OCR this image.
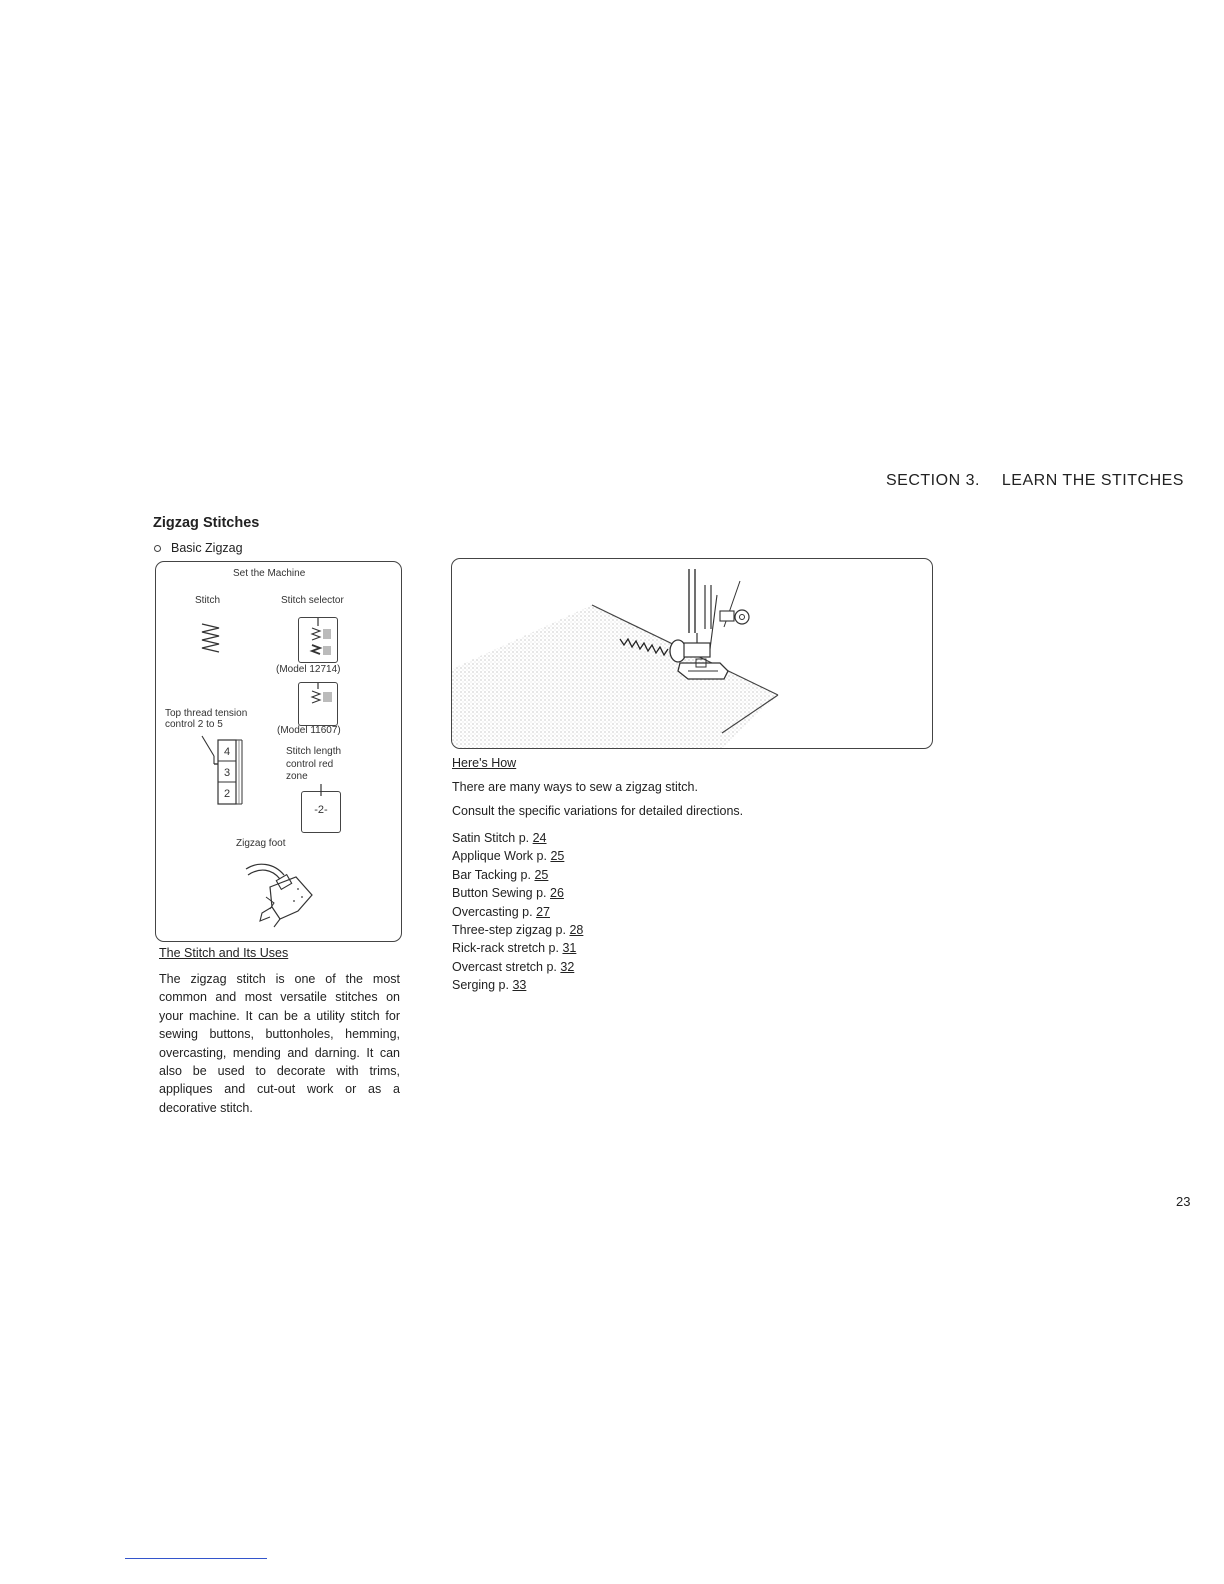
SECTION 3. LEARN THE STITCHES
Zigzag Stitches
Basic Zigzag
Set the Machine
Stitch	Stitch selector
(Model 12714)
Top thread tension
control 2 to 5
(Model 11607)
4
3
2
Stitch length
control red
zone
-2-
Zigzag foot
The Stitch and Its Uses
The zigzag stitch is one of the most common and most versatile stitches on your machine. It can be a utility stitch for sewing buttons, buttonholes, hemming, overcasting, mending and darning. It can also be used to decorate with trims, appliques and cut-out work or as a decorative stitch.
Here's How
There are many ways to sew a zigzag stitch.
Consult the specific variations for detailed directions.
Satin Stitch p. 24
Applique Work p. 25
Bar Tacking p. 25
Button Sewing p. 26
Overcasting p. 27
Three-step zigzag p. 28
Rick-rack stretch p. 31
Overcast stretch p. 32
Serging p. 33
23
